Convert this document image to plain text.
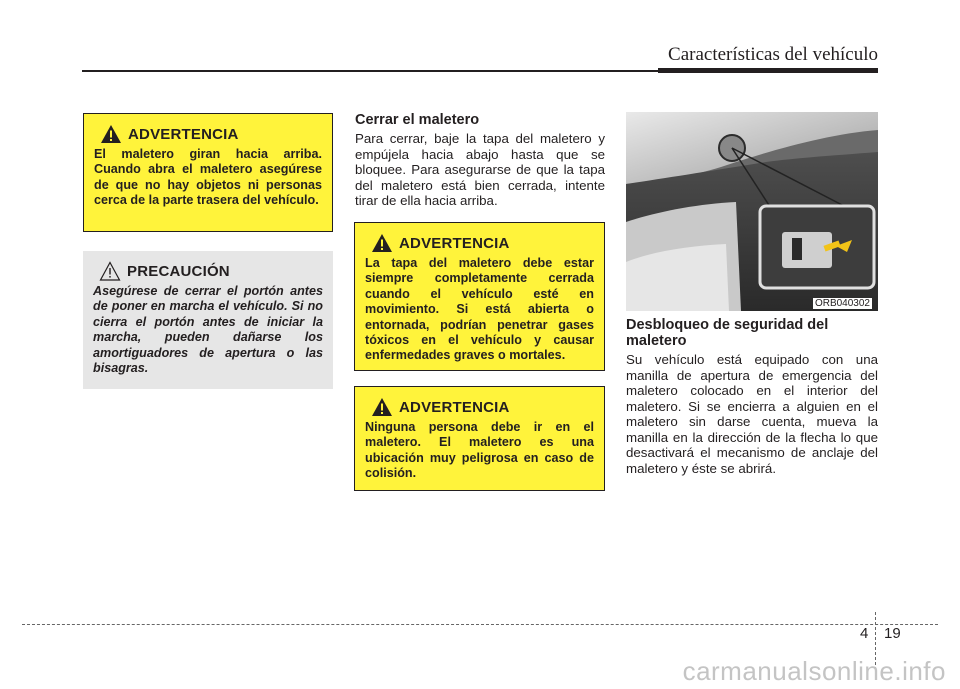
Características del vehículo
ADVERTENCIA

El maletero giran hacia arriba. Cuando abra el maletero asegúrese de que no hay objetos ni personas cerca de la parte trasera del vehículo.

PRECAUCIÓN

Asegúrese de cerrar el portón antes de poner en marcha el vehículo. Si no cierra el portón antes de iniciar la marcha, pueden dañarse los amortiguadores de apertura o las bisagras.

Cerrar el maletero

Para cerrar, baje la tapa del maletero y empújela hacia abajo hasta que se bloquee. Para asegurarse de que la tapa del maletero está bien cerrada, intente tirar de ella hacia arriba.

ADVERTENCIA

La tapa del maletero debe estar siempre completamente cerrada cuando el vehículo esté en movimiento. Si está abierta o entornada, podrían penetrar gases tóxicos en el vehículo y causar enfermedades graves o mortales.

ADVERTENCIA

Ninguna persona debe ir en el maletero. El maletero es una ubicación muy peligrosa en caso de colisión.

ORB040302
Desbloqueo de seguridad del maletero

Su vehículo está equipado con una manilla de apertura de emergencia del maletero colocado en el interior del maletero. Si se encierra a alguien en el maletero sin darse cuenta, mueva la manilla en la dirección de la flecha lo que desactivará el mecanismo de anclaje del maletero y éste se abrirá.

4 19
carmanualsonline.info
